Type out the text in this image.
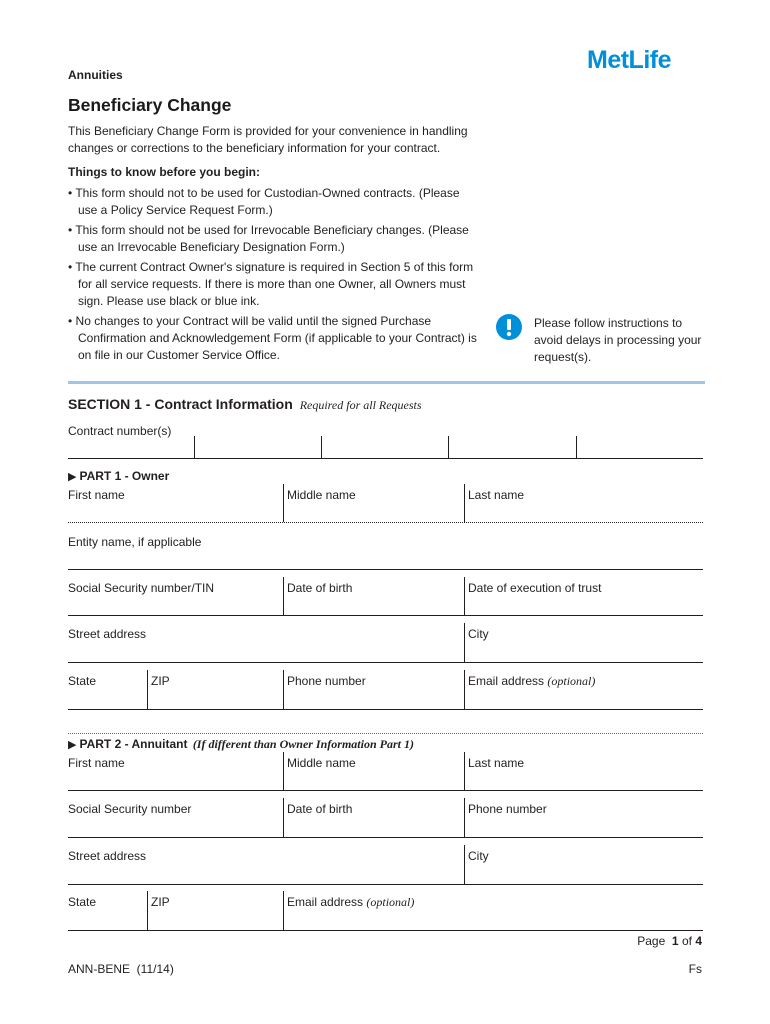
Annuities
MetLife
Beneficiary Change
This Beneficiary Change Form is provided for your convenience in handling changes or corrections to the beneficiary information for your contract.
Things to know before you begin:
• This form should not to be used for Custodian-Owned contracts. (Please use a Policy Service Request Form.)
• This form should not be used for Irrevocable Beneficiary changes. (Please use an Irrevocable Beneficiary Designation Form.)
• The current Contract Owner's signature is required in Section 5 of this form for all service requests. If there is more than one Owner, all Owners must sign. Please use black or blue ink.
• No changes to your Contract will be valid until the signed Purchase Confirmation and Acknowledgement Form (if applicable to your Contract) is on file in our Customer Service Office.
Please follow instructions to avoid delays in processing your request(s).
SECTION 1 - Contract Information Required for all Requests
Contract number(s)
▶ PART 1 - Owner
First name	Middle name	Last name
Entity name, if applicable
Social Security number/TIN	Date of birth	Date of execution of trust
Street address	City
State	ZIP	Phone number	Email address (optional)
▶ PART 2 - Annuitant (If different than Owner Information Part 1)
First name	Middle name	Last name
Social Security number	Date of birth	Phone number
Street address	City
State	ZIP	Email address (optional)
Page 1 of 4
ANN-BENE  (11/14)	Fs
